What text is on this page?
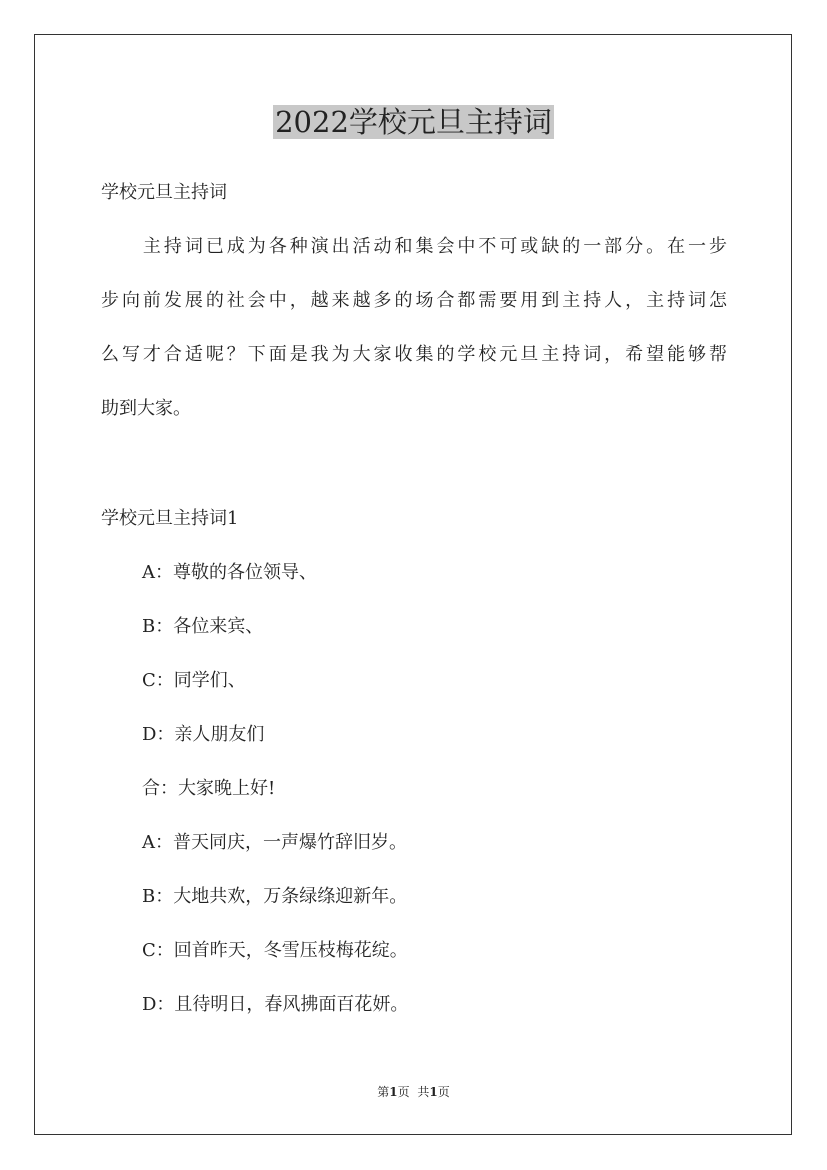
2022学校元旦主持词
学校元旦主持词
　　主持词已成为各种演出活动和集会中不可或缺的一部分。在一步
步向前发展的社会中，越来越多的场合都需要用到主持人，主持词怎
么写才合适呢？下面是我为大家收集的学校元旦主持词，希望能够帮
助到大家。
学校元旦主持词1
A：尊敬的各位领导、
B：各位来宾、
C：同学们、
D：亲人朋友们
合：大家晚上好!
A：普天同庆，一声爆竹辞旧岁。
B：大地共欢，万条绿绦迎新年。
C：回首昨天，冬雪压枝梅花绽。
D：且待明日，春风拂面百花妍。
第1页 共1页
